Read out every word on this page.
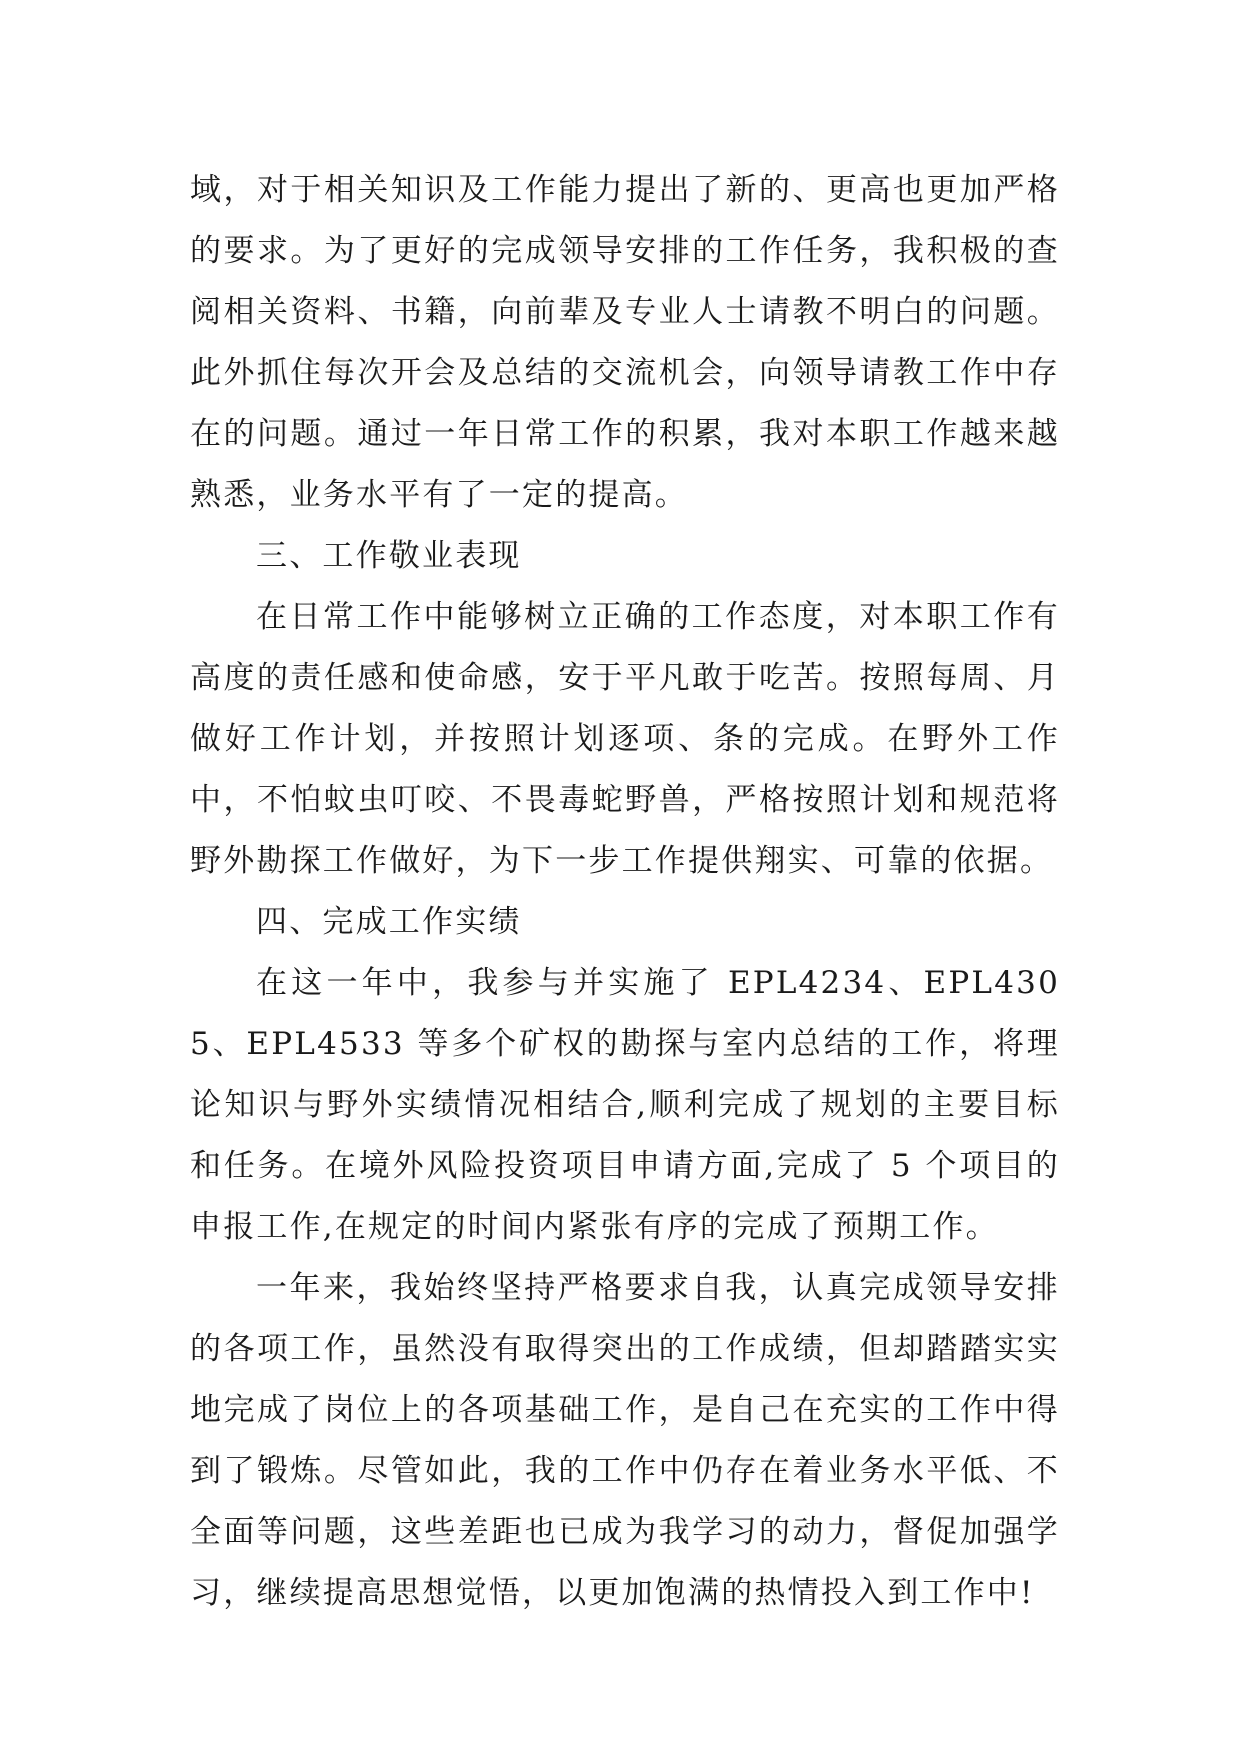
域，对于相关知识及工作能力提出了新的、更高也更加严格的要求。为了更好的完成领导安排的工作任务，我积极的查阅相关资料、书籍，向前辈及专业人士请教不明白的问题。此外抓住每次开会及总结的交流机会，向领导请教工作中存在的问题。通过一年日常工作的积累，我对本职工作越来越熟悉，业务水平有了一定的提高。

三、工作敬业表现

在日常工作中能够树立正确的工作态度，对本职工作有高度的责任感和使命感，安于平凡敢于吃苦。按照每周、月做好工作计划，并按照计划逐项、条的完成。在野外工作中，不怕蚊虫叮咬、不畏毒蛇野兽，严格按照计划和规范将野外勘探工作做好，为下一步工作提供翔实、可靠的依据。

四、完成工作实绩

在这一年中，我参与并实施了 EPL4234、EPL4305、EPL4533 等多个矿权的勘探与室内总结的工作，将理论知识与野外实绩情况相结合,顺利完成了规划的主要目标和任务。在境外风险投资项目申请方面,完成了 5 个项目的申报工作,在规定的时间内紧张有序的完成了预期工作。

一年来，我始终坚持严格要求自我，认真完成领导安排的各项工作，虽然没有取得突出的工作成绩，但却踏踏实实地完成了岗位上的各项基础工作，是自己在充实的工作中得到了锻炼。尽管如此，我的工作中仍存在着业务水平低、不全面等问题，这些差距也已成为我学习的动力，督促加强学习，继续提高思想觉悟，以更加饱满的热情投入到工作中!
